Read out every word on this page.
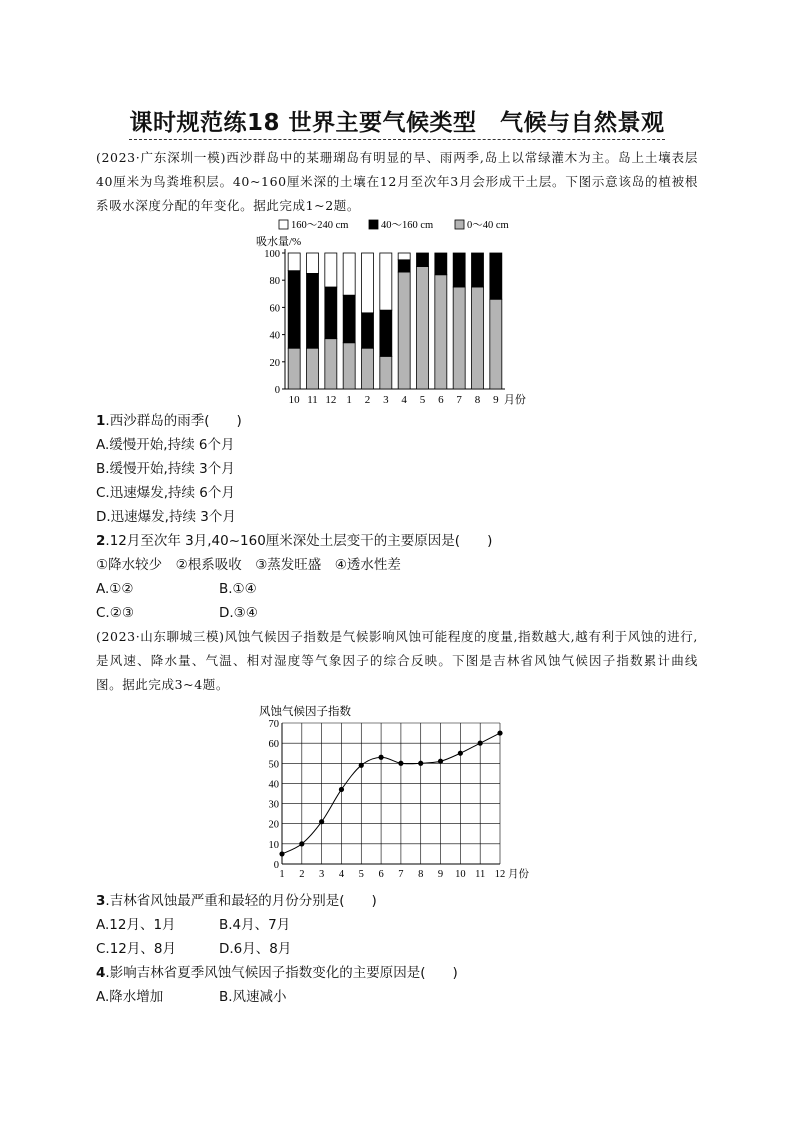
课时规范练18 世界主要气候类型　气候与自然景观
(2023·广东深圳一模)西沙群岛中的某珊瑚岛有明显的旱、雨两季,岛上以常绿灌木为主。岛上土壤表层40厘米为鸟粪堆积层。40~160厘米深的土壤在12月至次年3月会形成干土层。下图示意该岛的植被根系吸水深度分配的年变化。据此完成1~2题。
160～240 cm	40～160 cm	0～40 cm
吸水量/%
0
20
40
60
80
100
10 11 12 1 2 3 4 5 6 7 8 9 月份
1.西沙群岛的雨季(　　)
A.缓慢开始,持续 6个月
B.缓慢开始,持续 3个月
C.迅速爆发,持续 6个月
D.迅速爆发,持续 3个月
2.12月至次年 3月,40~160厘米深处土层变干的主要原因是(　　)
①降水较少　②根系吸收　③蒸发旺盛　④透水性差
A.①②	B.①④
C.②③	D.③④
(2023·山东聊城三模)风蚀气候因子指数是气候影响风蚀可能程度的度量,指数越大,越有利于风蚀的进行,是风速、降水量、气温、相对湿度等气象因子的综合反映。下图是吉林省风蚀气候因子指数累计曲线图。据此完成3~4题。
风蚀气候因子指数
0
10
20
30
40
50
60
70
1 2 3 4 5 6 7 8 9 10 11 12 月份
3.吉林省风蚀最严重和最轻的月份分别是(　　)
A.12月、1月	B.4月、7月
C.12月、8月	D.6月、8月
4.影响吉林省夏季风蚀气候因子指数变化的主要原因是(　　)
A.降水增加	B.风速减小
